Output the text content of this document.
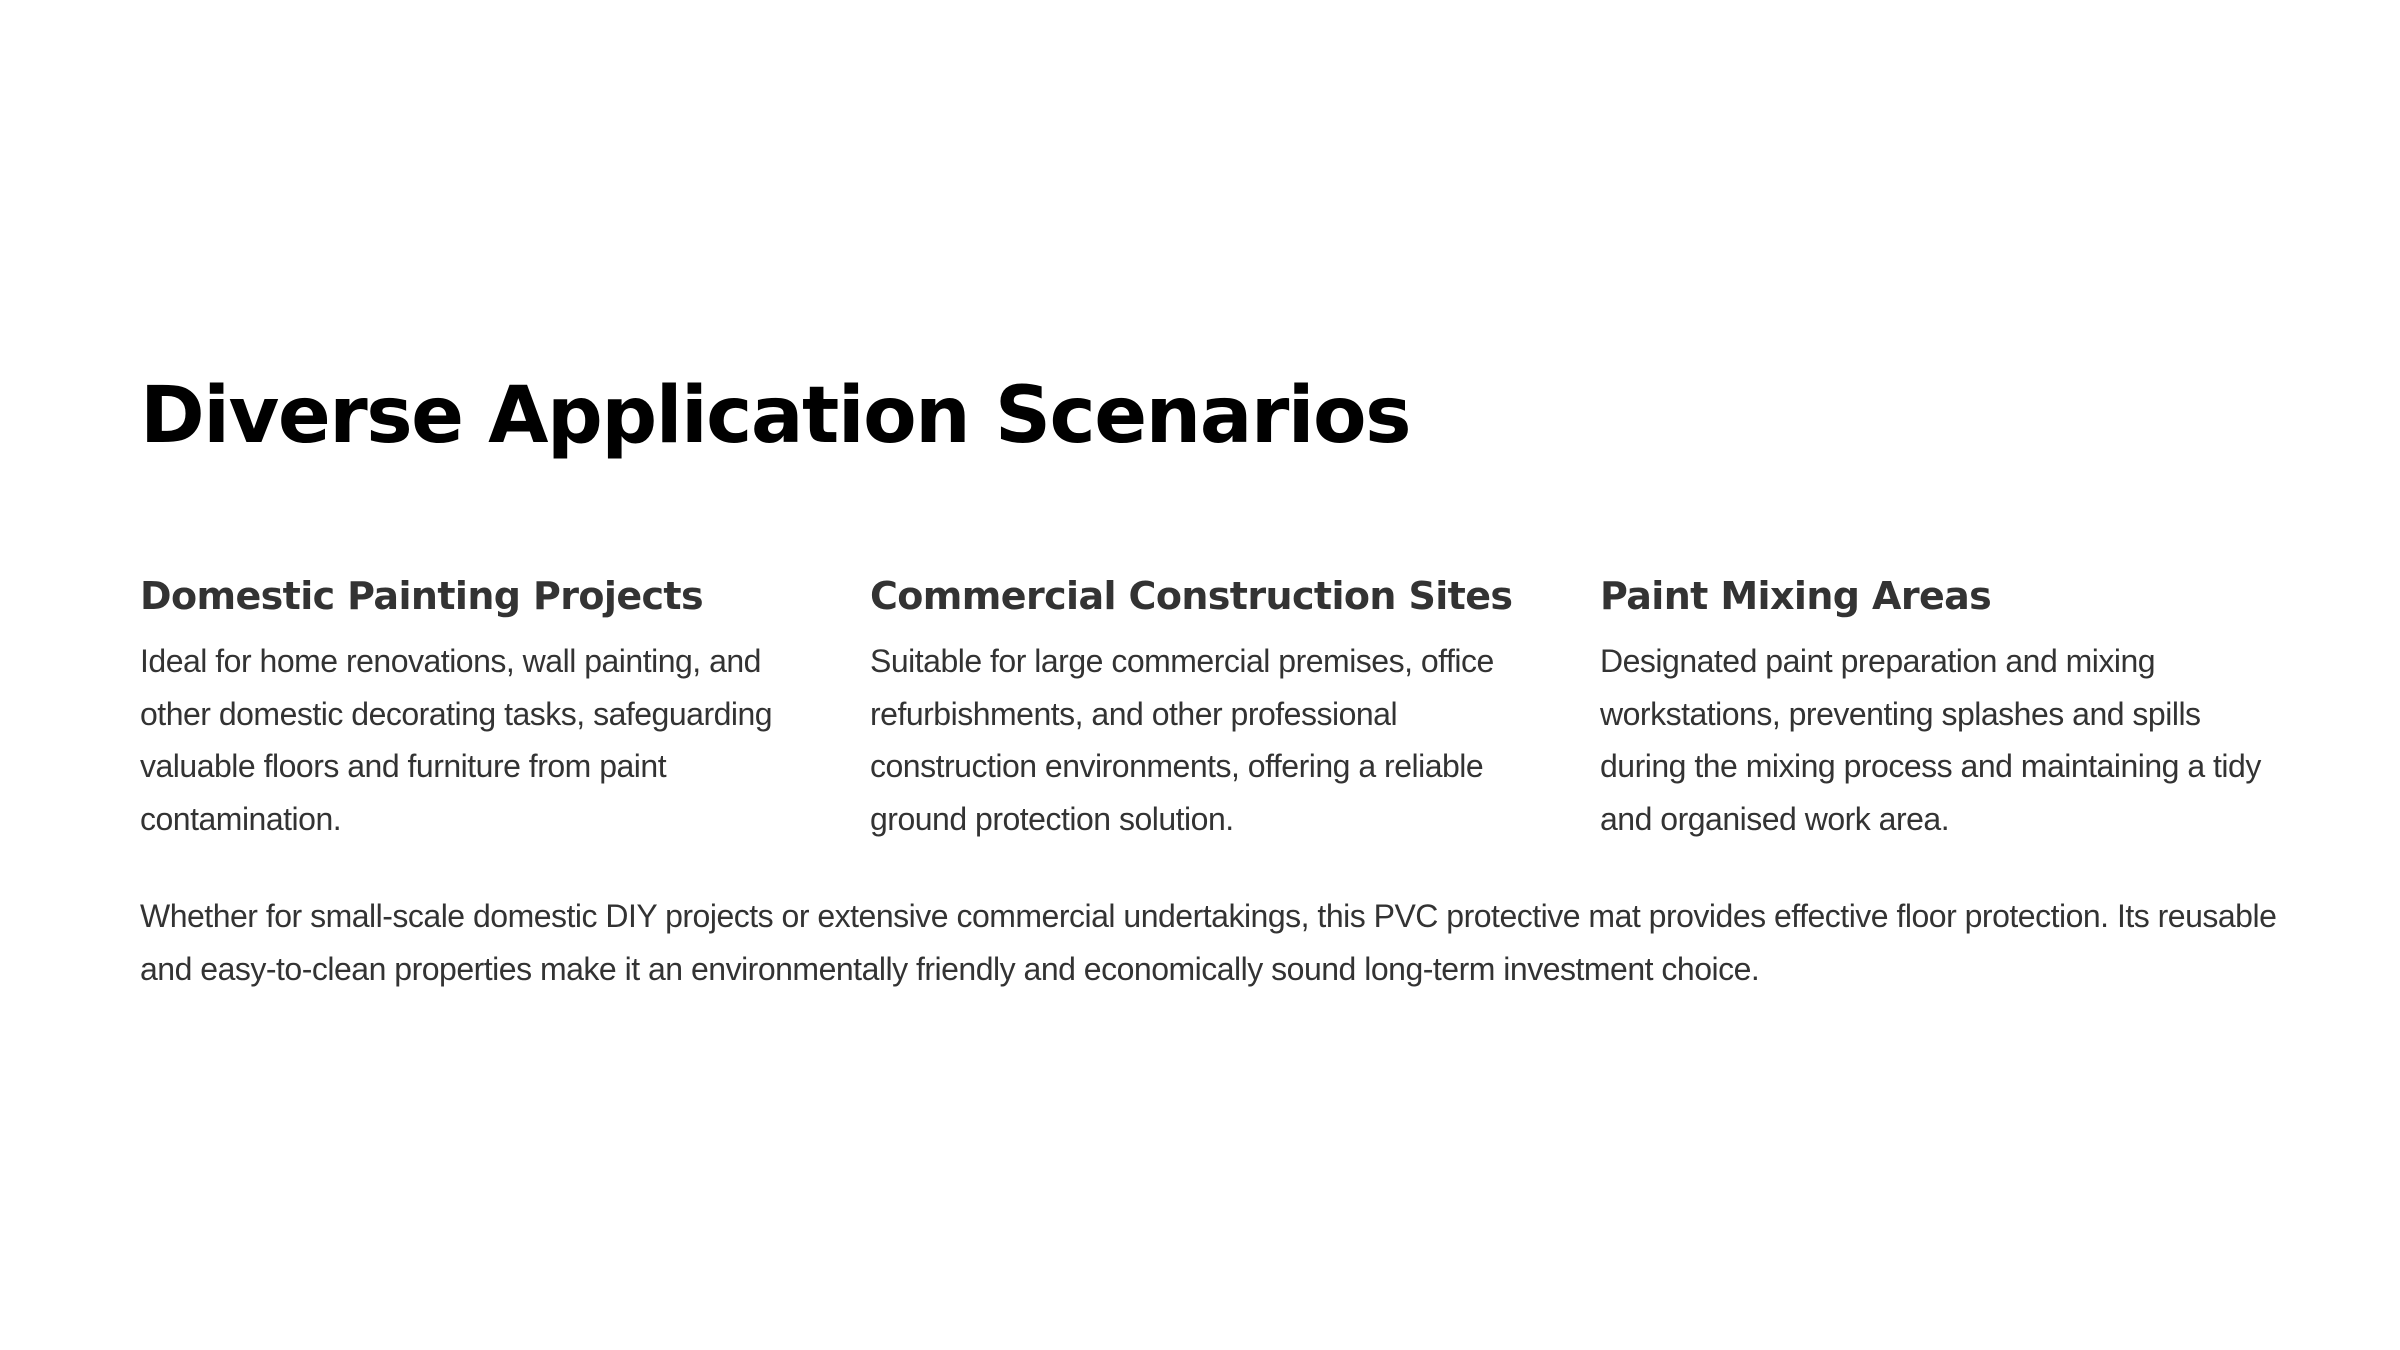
Diverse Application Scenarios
Domestic Painting Projects

Ideal for home renovations, wall painting, and other domestic decorating tasks, safeguarding valuable floors and furniture from paint contamination.

Commercial Construction Sites

Suitable for large commercial premises, office refurbishments, and other professional construction environments, offering a reliable ground protection solution.

Paint Mixing Areas

Designated paint preparation and mixing workstations, preventing splashes and spills during the mixing process and maintaining a tidy and organised work area.

Whether for small-scale domestic DIY projects or extensive commercial undertakings, this PVC protective mat provides effective floor protection. Its reusable and easy-to-clean properties make it an environmentally friendly and economically sound long-term investment choice.
